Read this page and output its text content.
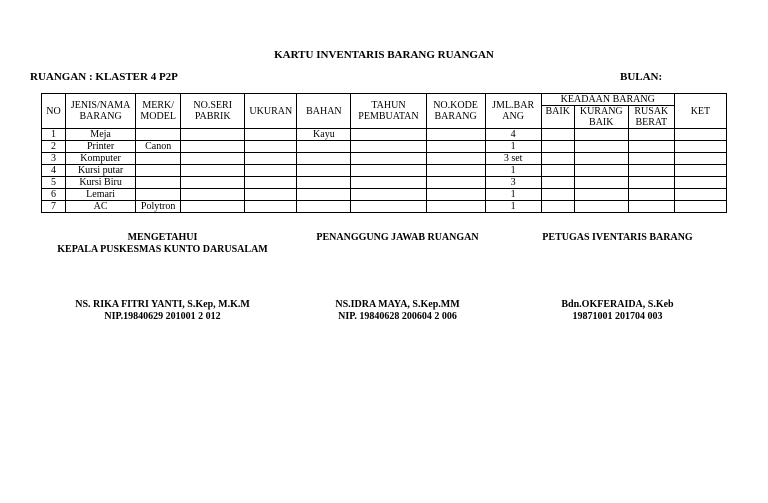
KARTU INVENTARIS BARANG RUANGAN
RUANGAN : KLASTER 4 P2P	BULAN:
NO	JENIS/NAMA BARANG	MERK/ MODEL	NO.SERI PABRIK	UKURAN	BAHAN	TAHUN PEMBUATAN	NO.KODE BARANG	JML.BAR ANG	KEADAAN BARANG			KET
									BAIK	KURANG BAIK	RUSAK BERAT	
1	Meja				Kayu			4				
2	Printer	Canon						1				
3	Komputer							3 set				
4	Kursi putar							1				
5	Kursi Biru							3				
6	Lemari							1				
7	AC	Polytron						1				
MENGETAHUI
KEPALA PUSKESMAS KUNTO DARUSALAM
PENANGGUNG JAWAB RUANGAN	PETUGAS IVENTARIS BARANG
NS. RIKA FITRI YANTI, S.Kep, M.K.M
NIP.19840629 201001 2 012
NS.IDRA MAYA, S.Kep.MM
NIP. 19840628 200604 2 006
Bdn.OKFERAIDA, S.Keb
19871001 201704 003
